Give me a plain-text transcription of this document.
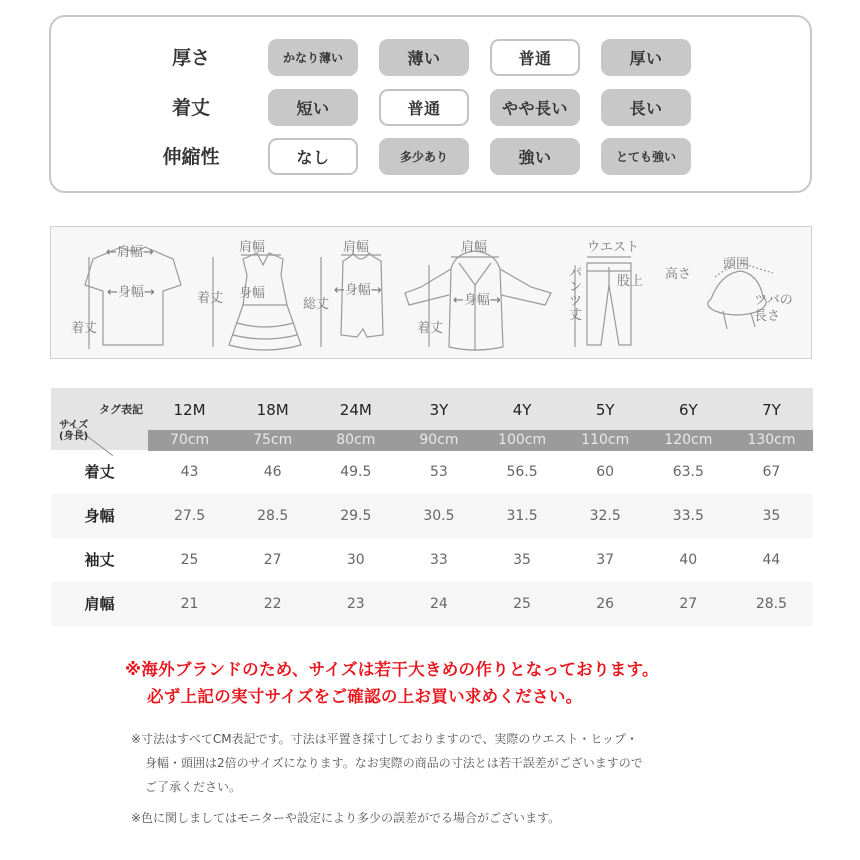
厚さ	かなり薄い	薄い	普通	厚い
着丈	短い	普通	やや長い	長い
伸縮性	なし	多少あり	強い	とても強い
←肩幅→
←身幅→
着丈
肩幅
身幅
着丈
肩幅
←身幅→
総丈
肩幅
←身幅→
着丈
ウエスト
股上
パンツ丈
高さ
頭囲
ツバの
長さ
タグ表記
サイズ
(身長)
12M	18M	24M	3Y	4Y	5Y	6Y	7Y
70cm	75cm	80cm	90cm	100cm	110cm	120cm	130cm
着丈	43	46	49.5	53	56.5	60	63.5	67
身幅	27.5	28.5	29.5	30.5	31.5	32.5	33.5	35
袖丈	25	27	30	33	35	37	40	44
肩幅	21	22	23	24	25	26	27	28.5
※海外ブランドのため、サイズは若干大きめの作りとなっております。
必ず上記の実寸サイズをご確認の上お買い求めください。
※寸法はすべてCM表記です。寸法は平置き採寸しておりますので、実際のウエスト・ヒップ・
身幅・頭囲は2倍のサイズになります。なお実際の商品の寸法とは若干誤差がございますので
ご了承ください。
※色に関しましてはモニターや設定により多少の誤差がでる場合がございます。
